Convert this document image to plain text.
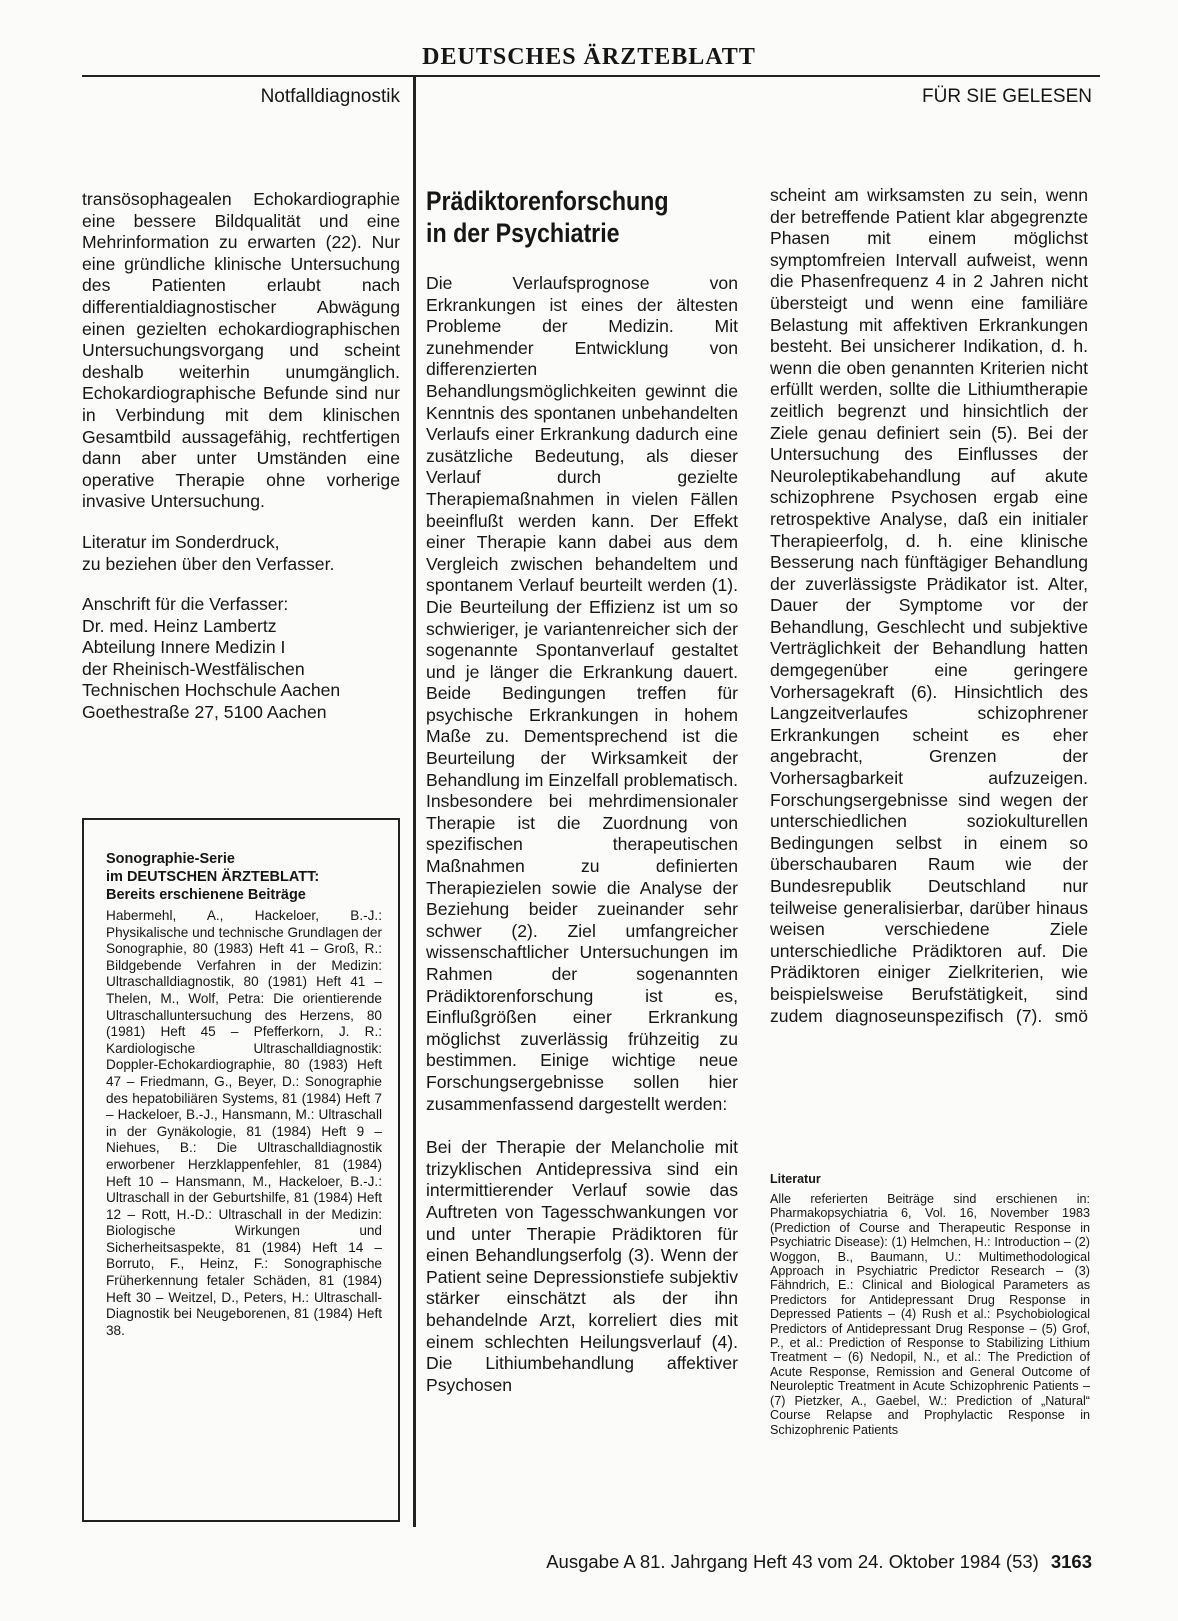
DEUTSCHES ÄRZTEBLATT
Notfalldiagnostik	FÜR SIE GELESEN

transösophagealen Echokardiographie eine bessere Bildqualität und eine Mehrinformation zu erwarten (22). Nur eine gründliche klinische Untersuchung des Patienten erlaubt nach differentialdiagnostischer Abwägung einen gezielten echokardiographischen Untersuchungsvorgang und scheint deshalb weiterhin unumgänglich. Echokardiographische Befunde sind nur in Verbindung mit dem klinischen Gesamtbild aussagefähig, rechtfertigen dann aber unter Umständen eine operative Therapie ohne vorherige invasive Untersuchung.

Literatur im Sonderdruck,
zu beziehen über den Verfasser.
Anschrift für die Verfasser:
Dr. med. Heinz Lambertz
Abteilung Innere Medizin I
der Rheinisch-Westfälischen
Technischen Hochschule Aachen
Goethestraße 27, 5100 Aachen
Sonographie-Serie
im DEUTSCHEN ÄRZTEBLATT:
Bereits erschienene Beiträge
Habermehl, A., Hackeloer, B.-J.: Physikalische und technische Grundlagen der Sonographie, 80 (1983) Heft 41 – Groß, R.: Bildgebende Verfahren in der Medizin: Ultraschalldiagnostik, 80 (1981) Heft 41 – Thelen, M., Wolf, Petra: Die orientierende Ultraschalluntersuchung des Herzens, 80 (1981) Heft 45 – Pfefferkorn, J. R.: Kardiologische Ultraschalldiagnostik: Doppler-Echokardiographie, 80 (1983) Heft 47 – Friedmann, G., Beyer, D.: Sonographie des hepatobiliären Systems, 81 (1984) Heft 7 – Hackeloer, B.-J., Hansmann, M.: Ultraschall in der Gynäkologie, 81 (1984) Heft 9 – Niehues, B.: Die Ultraschalldiagnostik erworbener Herzklappenfehler, 81 (1984) Heft 10 – Hansmann, M., Hackeloer, B.-J.: Ultraschall in der Geburtshilfe, 81 (1984) Heft 12 – Rott, H.-D.: Ultraschall in der Medizin: Biologische Wirkungen und Sicherheitsaspekte, 81 (1984) Heft 14 – Borruto, F., Heinz, F.: Sonographische Früherkennung fetaler Schäden, 81 (1984) Heft 30 – Weitzel, D., Peters, H.: Ultraschall-Diagnostik bei Neugeborenen, 81 (1984) Heft 38.
Prädiktorenforschung
in der Psychiatrie

Die Verlaufsprognose von Erkrankungen ist eines der ältesten Probleme der Medizin. Mit zunehmender Entwicklung von differenzierten Behandlungsmöglichkeiten gewinnt die Kenntnis des spontanen unbehandelten Verlaufs einer Erkrankung dadurch eine zusätzliche Bedeutung, als dieser Verlauf durch gezielte Therapiemaßnahmen in vielen Fällen beeinflußt werden kann. Der Effekt einer Therapie kann dabei aus dem Vergleich zwischen behandeltem und spontanem Verlauf beurteilt werden (1). Die Beurteilung der Effizienz ist um so schwieriger, je variantenreicher sich der sogenannte Spontanverlauf gestaltet und je länger die Erkrankung dauert. Beide Bedingungen treffen für psychische Erkrankungen in hohem Maße zu. Dementsprechend ist die Beurteilung der Wirksamkeit der Behandlung im Einzelfall problematisch. Insbesondere bei mehrdimensionaler Therapie ist die Zuordnung von spezifischen therapeutischen Maßnahmen zu definierten Therapiezielen sowie die Analyse der Beziehung beider zueinander sehr schwer (2). Ziel umfangreicher wissenschaftlicher Untersuchungen im Rahmen der sogenannten Prädiktorenforschung ist es, Einflußgrößen einer Erkrankung möglichst zuverlässig frühzeitig zu bestimmen. Einige wichtige neue Forschungsergebnisse sollen hier zusammenfassend dargestellt werden:

Bei der Therapie der Melancholie mit trizyklischen Antidepressiva sind ein intermittierender Verlauf sowie das Auftreten von Tagesschwankungen vor und unter Therapie Prädiktoren für einen Behandlungserfolg (3). Wenn der Patient seine Depressionstiefe subjektiv stärker einschätzt als der ihn behandelnde Arzt, korreliert dies mit einem schlechten Heilungsverlauf (4). Die Lithiumbehandlung affektiver Psychosen

scheint am wirksamsten zu sein, wenn der betreffende Patient klar abgegrenzte Phasen mit einem möglichst symptomfreien Intervall aufweist, wenn die Phasenfrequenz 4 in 2 Jahren nicht übersteigt und wenn eine familiäre Belastung mit affektiven Erkrankungen besteht. Bei unsicherer Indikation, d. h. wenn die oben genannten Kriterien nicht erfüllt werden, sollte die Lithiumtherapie zeitlich begrenzt und hinsichtlich der Ziele genau definiert sein (5). Bei der Untersuchung des Einflusses der Neuroleptikabehandlung auf akute schizophrene Psychosen ergab eine retrospektive Analyse, daß ein initialer Therapieerfolg, d. h. eine klinische Besserung nach fünftägiger Behandlung der zuverlässigste Prädikator ist. Alter, Dauer der Symptome vor der Behandlung, Geschlecht und subjektive Verträglichkeit der Behandlung hatten demgegenüber eine geringere Vorhersagekraft (6). Hinsichtlich des Langzeitverlaufes schizophrener Erkrankungen scheint es eher angebracht, Grenzen der Vorhersagbarkeit aufzuzeigen. Forschungsergebnisse sind wegen der unterschiedlichen soziokulturellen Bedingungen selbst in einem so überschaubaren Raum wie der Bundesrepublik Deutschland nur teilweise generalisierbar, darüber hinaus weisen verschiedene Ziele unterschiedliche Prädiktoren auf. Die Prädiktoren einiger Zielkriterien, wie beispielsweise Berufstätigkeit, sind zudem diagnoseunspezifisch (7). smö

Literatur
Alle referierten Beiträge sind erschienen in: Pharmakopsychiatria 6, Vol. 16, November 1983 (Prediction of Course and Therapeutic Response in Psychiatric Disease): (1) Helmchen, H.: Introduction – (2) Woggon, B., Baumann, U.: Multimethodological Approach in Psychiatric Predictor Research – (3) Fähndrich, E.: Clinical and Biological Parameters as Predictors for Antidepressant Drug Response in Depressed Patients – (4) Rush et al.: Psychobiological Predictors of Antidepressant Drug Response – (5) Grof, P., et al.: Prediction of Response to Stabilizing Lithium Treatment – (6) Nedopil, N., et al.: The Prediction of Acute Response, Remission and General Outcome of Neuroleptic Treatment in Acute Schizophrenic Patients – (7) Pietzker, A., Gaebel, W.: Prediction of „Natural“ Course Relapse and Prophylactic Response in Schizophrenic Patients
Ausgabe A 81. Jahrgang Heft 43 vom 24. Oktober 1984 (53) 3163
